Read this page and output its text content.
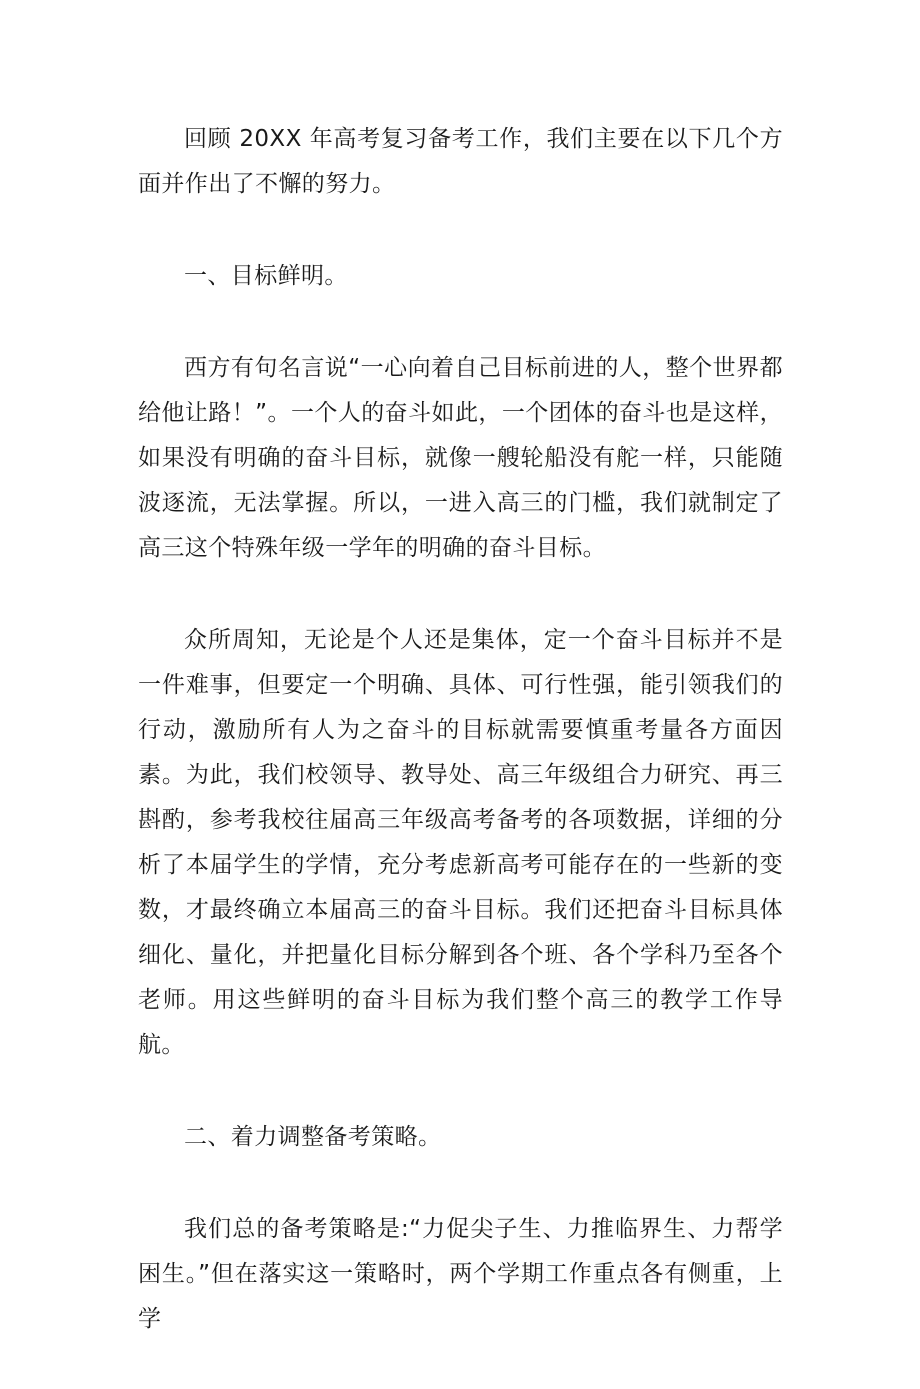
回顾 20XX 年高考复习备考工作，我们主要在以下几个方面并作出了不懈的努力。

一、目标鲜明。

西方有句名言说“一心向着自己目标前进的人，整个世界都给他让路！”。一个人的奋斗如此，一个团体的奋斗也是这样，如果没有明确的奋斗目标，就像一艘轮船没有舵一样，只能随波逐流，无法掌握。所以，一进入高三的门槛，我们就制定了高三这个特殊年级一学年的明确的奋斗目标。

众所周知，无论是个人还是集体，定一个奋斗目标并不是一件难事，但要定一个明确、具体、可行性强，能引领我们的行动，激励所有人为之奋斗的目标就需要慎重考量各方面因素。为此，我们校领导、教导处、高三年级组合力研究、再三斟酌，参考我校往届高三年级高考备考的各项数据，详细的分析了本届学生的学情，充分考虑新高考可能存在的一些新的变数，才最终确立本届高三的奋斗目标。我们还把奋斗目标具体细化、量化，并把量化目标分解到各个班、各个学科乃至各个老师。用这些鲜明的奋斗目标为我们整个高三的教学工作导航。

二、着力调整备考策略。

我们总的备考策略是:“力促尖子生、力推临界生、力帮学困生。”但在落实这一策略时，两个学期工作重点各有侧重，上学
